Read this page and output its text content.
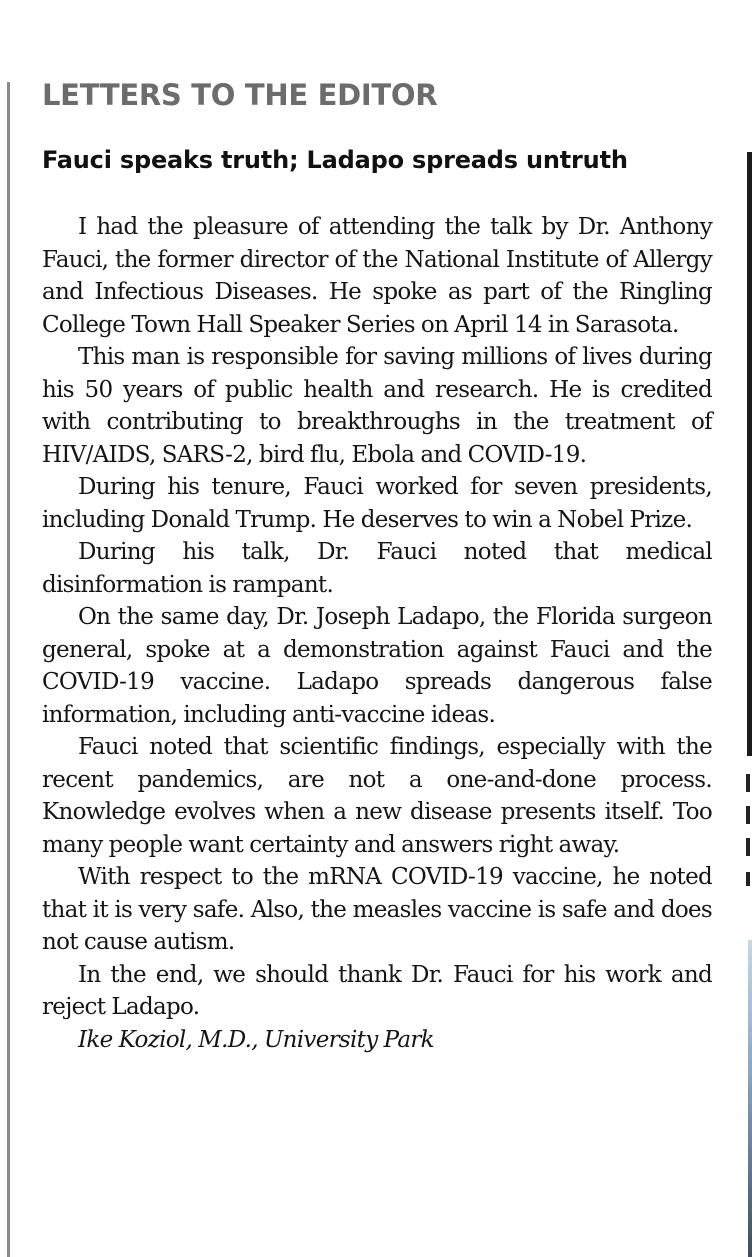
LETTERS TO THE EDITOR
Fauci speaks truth; Ladapo spreads untruth

I had the pleasure of attending the talk by Dr. Anthony Fauci, the former director of the National Institute of Allergy and Infectious Diseases. He spoke as part of the Ringling College Town Hall Speaker Series on April 14 in Sarasota.

This man is responsible for saving millions of lives during his 50 years of public health and research. He is credited with contributing to breakthroughs in the treatment of HIV/AIDS, SARS-2, bird flu, Ebola and COVID-19.

During his tenure, Fauci worked for seven presidents, including Donald Trump. He deserves to win a Nobel Prize.

During his talk, Dr. Fauci noted that medical disinformation is rampant.

On the same day, Dr. Joseph Ladapo, the Florida surgeon general, spoke at a demonstration against Fauci and the COVID-19 vaccine. Ladapo spreads dangerous false information, including anti-vaccine ideas.

Fauci noted that scientific findings, especially with the recent pandemics, are not a one-and-done process. Knowledge evolves when a new disease presents itself. Too many people want certainty and answers right away.

With respect to the mRNA COVID-19 vaccine, he noted that it is very safe. Also, the measles vaccine is safe and does not cause autism.

In the end, we should thank Dr. Fauci for his work and reject Ladapo.

Ike Koziol, M.D., University Park
